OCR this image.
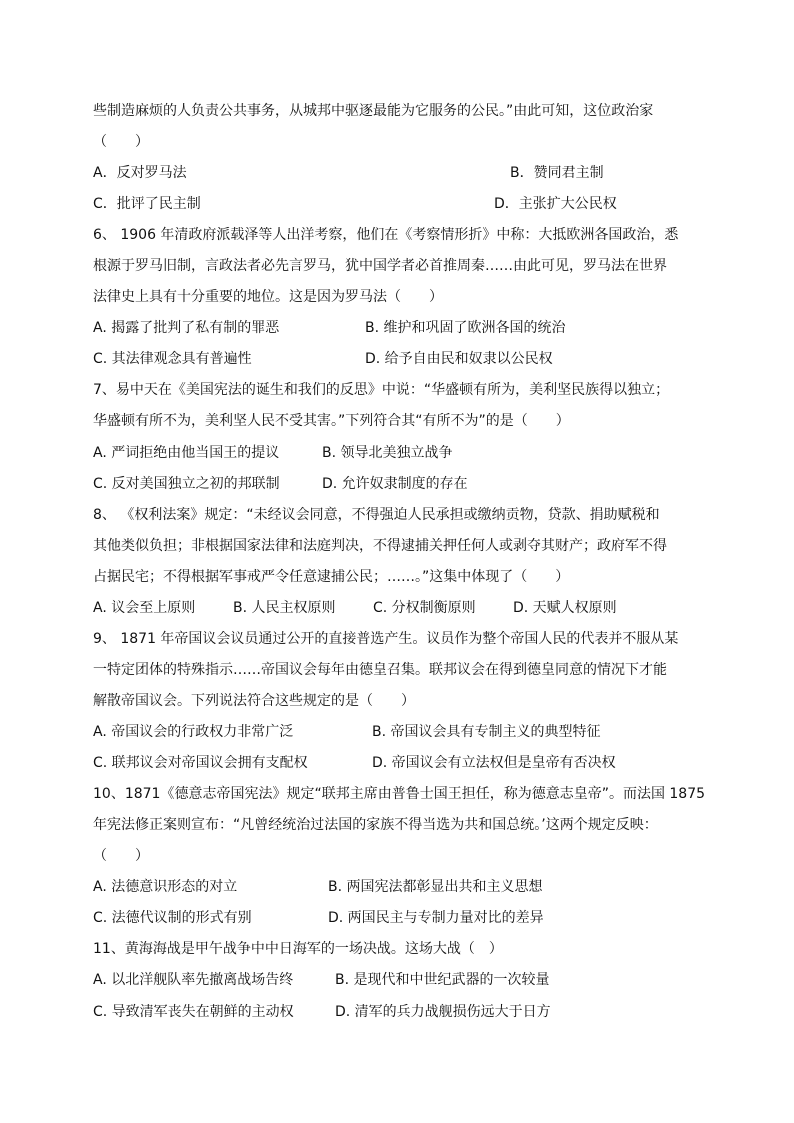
些制造麻烦的人负责公共事务，从城邦中驱逐最能为它服务的公民。”由此可知，这位政治家
（　　）
A．反对罗马法	B．赞同君主制
C．批评了民主制	D．主张扩大公民权
6、 1906 年清政府派载泽等人出洋考察，他们在《考察情形折》中称：大抵欧洲各国政治，悉
根源于罗马旧制，言政法者必先言罗马，犹中国学者必首推周秦……由此可见，罗马法在世界
法律史上具有十分重要的地位。这是因为罗马法（　　）
A. 揭露了批判了私有制的罪恶	B. 维护和巩固了欧洲各国的统治
C. 其法律观念具有普遍性	D. 给予自由民和奴隶以公民权
7、易中天在《美国宪法的诞生和我们的反思》中说：“华盛顿有所为，美利坚民族得以独立；
华盛顿有所不为，美利坚人民不受其害。”下列符合其“有所不为”的是（　　）
A. 严词拒绝由他当国王的提议	B. 领导北美独立战争
C. 反对美国独立之初的邦联制	D. 允许奴隶制度的存在
8、 《权利法案》规定：“未经议会同意，不得强迫人民承担或缴纳贡物，贷款、捐助赋税和
其他类似负担；非根据国家法律和法庭判决，不得逮捕关押任何人或剥夺其财产；政府军不得
占据民宅；不得根据军事戒严令任意逮捕公民；……。”这集中体现了（　　）
A. 议会至上原则	B. 人民主权原则	C. 分权制衡原则	D. 天赋人权原则
9、 1871 年帝国议会议员通过公开的直接普选产生。议员作为整个帝国人民的代表并不服从某
一特定团体的特殊指示……帝国议会每年由德皇召集。联邦议会在得到德皇同意的情况下才能
解散帝国议会。下列说法符合这些规定的是（　　）
A. 帝国议会的行政权力非常广泛	B. 帝国议会具有专制主义的典型特征
C. 联邦议会对帝国议会拥有支配权	D. 帝国议会有立法权但是皇帝有否决权
10、1871《德意志帝国宪法》规定“联邦主席由普鲁士国王担任，称为德意志皇帝”。而法国 1875
年宪法修正案则宣布：“凡曾经统治过法国的家族不得当选为共和国总统。’这两个规定反映：
（　　）
A. 法德意识形态的对立	B. 两国宪法都彰显出共和主义思想
C. 法德代议制的形式有别	D. 两国民主与专制力量对比的差异
11、黄海海战是甲午战争中中日海军的一场决战。这场大战（　）
A. 以北洋舰队率先撤离战场告终	B. 是现代和中世纪武器的一次较量
C. 导致清军丧失在朝鲜的主动权	D. 清军的兵力战舰损伤远大于日方
